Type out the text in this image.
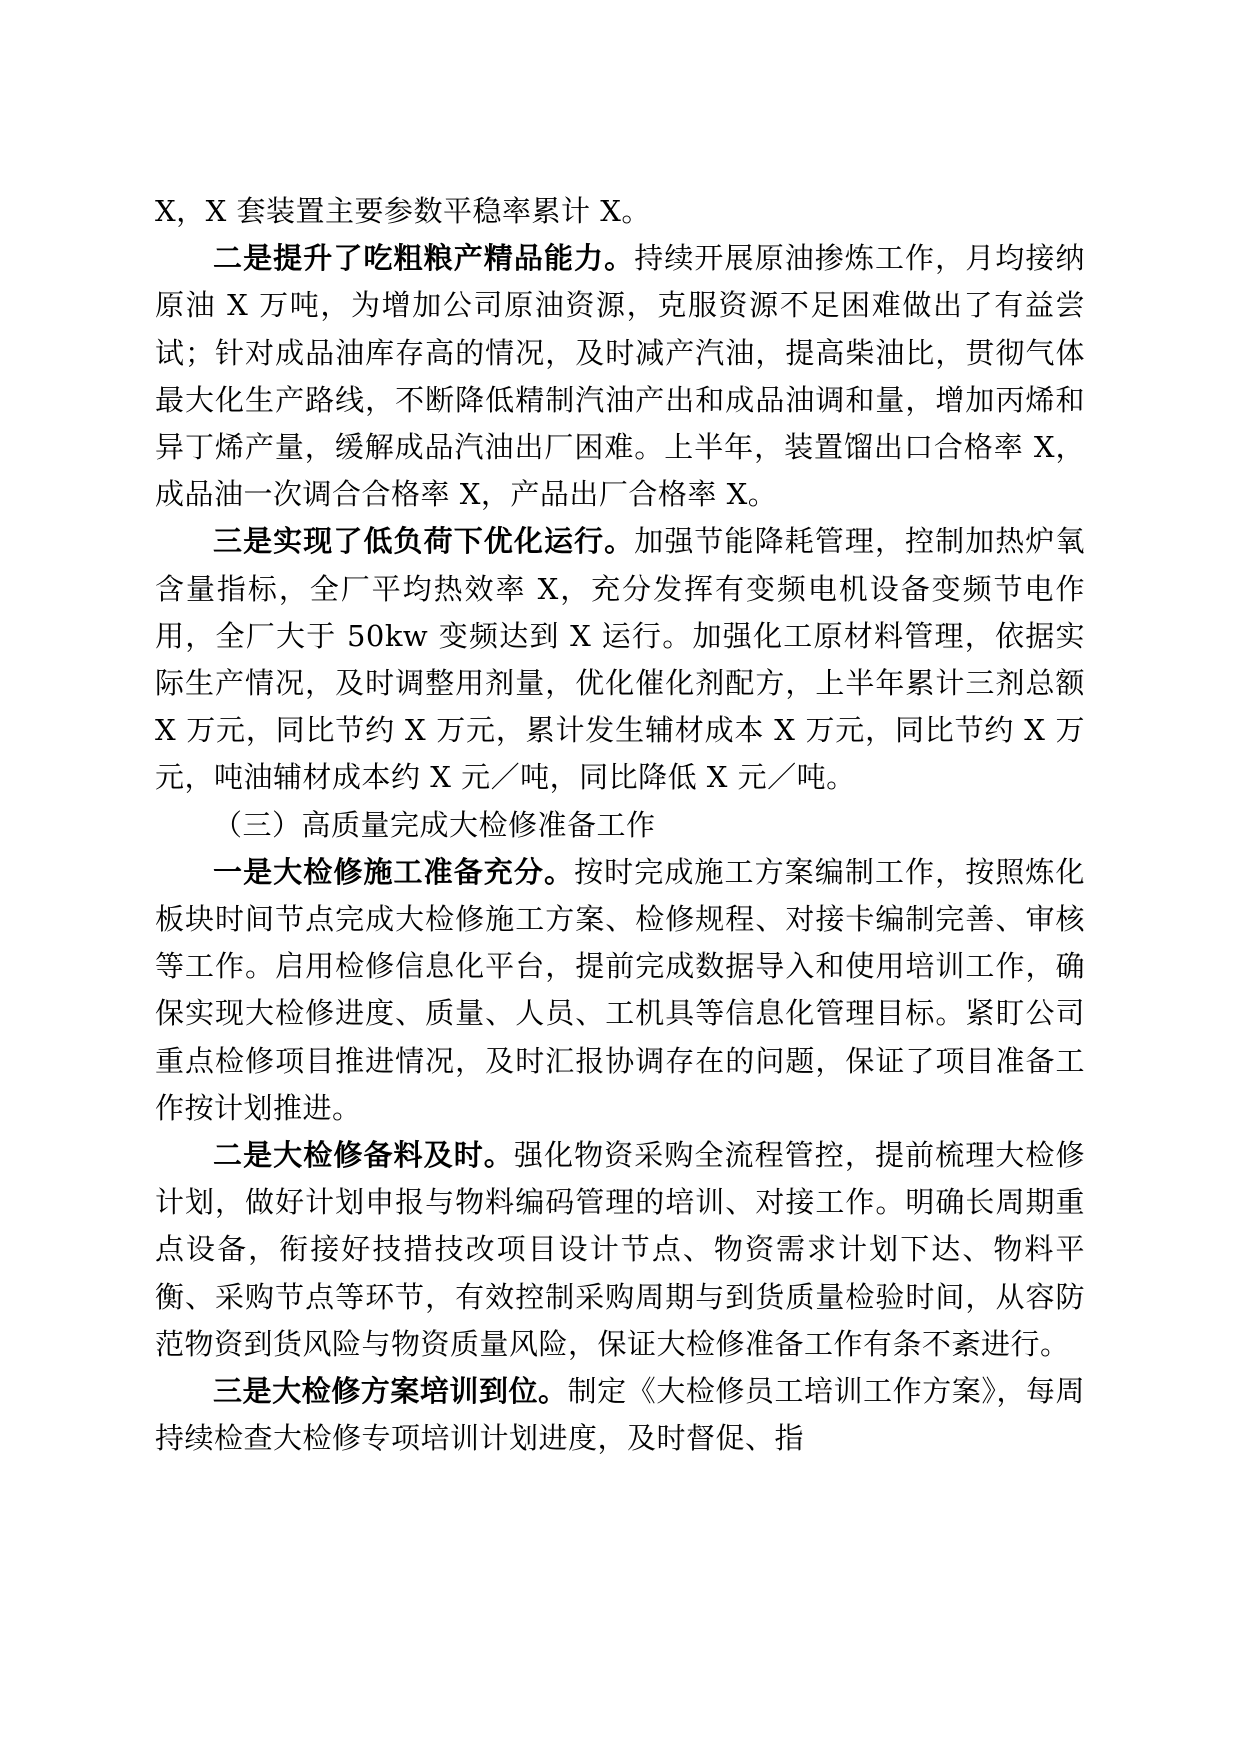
X，X 套装置主要参数平稳率累计 X。

二是提升了吃粗粮产精品能力。持续开展原油掺炼工作，月均接纳原油 X 万吨，为增加公司原油资源，克服资源不足困难做出了有益尝试；针对成品油库存高的情况，及时减产汽油，提高柴油比，贯彻气体最大化生产路线，不断降低精制汽油产出和成品油调和量，增加丙烯和异丁烯产量，缓解成品汽油出厂困难。上半年，装置馏出口合格率 X，成品油一次调合合格率 X，产品出厂合格率 X。

三是实现了低负荷下优化运行。加强节能降耗管理，控制加热炉氧含量指标，全厂平均热效率 X，充分发挥有变频电机设备变频节电作用，全厂大于 50kw 变频达到 X 运行。加强化工原材料管理，依据实际生产情况，及时调整用剂量，优化催化剂配方，上半年累计三剂总额 X 万元，同比节约 X 万元，累计发生辅材成本 X 万元，同比节约 X 万元，吨油辅材成本约 X 元／吨，同比降低 X 元／吨。

（三）高质量完成大检修准备工作

一是大检修施工准备充分。按时完成施工方案编制工作，按照炼化板块时间节点完成大检修施工方案、检修规程、对接卡编制完善、审核等工作。启用检修信息化平台，提前完成数据导入和使用培训工作，确保实现大检修进度、质量、人员、工机具等信息化管理目标。紧盯公司重点检修项目推进情况，及时汇报协调存在的问题，保证了项目准备工作按计划推进。

二是大检修备料及时。强化物资采购全流程管控，提前梳理大检修计划，做好计划申报与物料编码管理的培训、对接工作。明确长周期重点设备，衔接好技措技改项目设计节点、物资需求计划下达、物料平衡、采购节点等环节，有效控制采购周期与到货质量检验时间，从容防范物资到货风险与物资质量风险，保证大检修准备工作有条不紊进行。

三是大检修方案培训到位。制定《大检修员工培训工作方案》，每周持续检查大检修专项培训计划进度，及时督促、指
